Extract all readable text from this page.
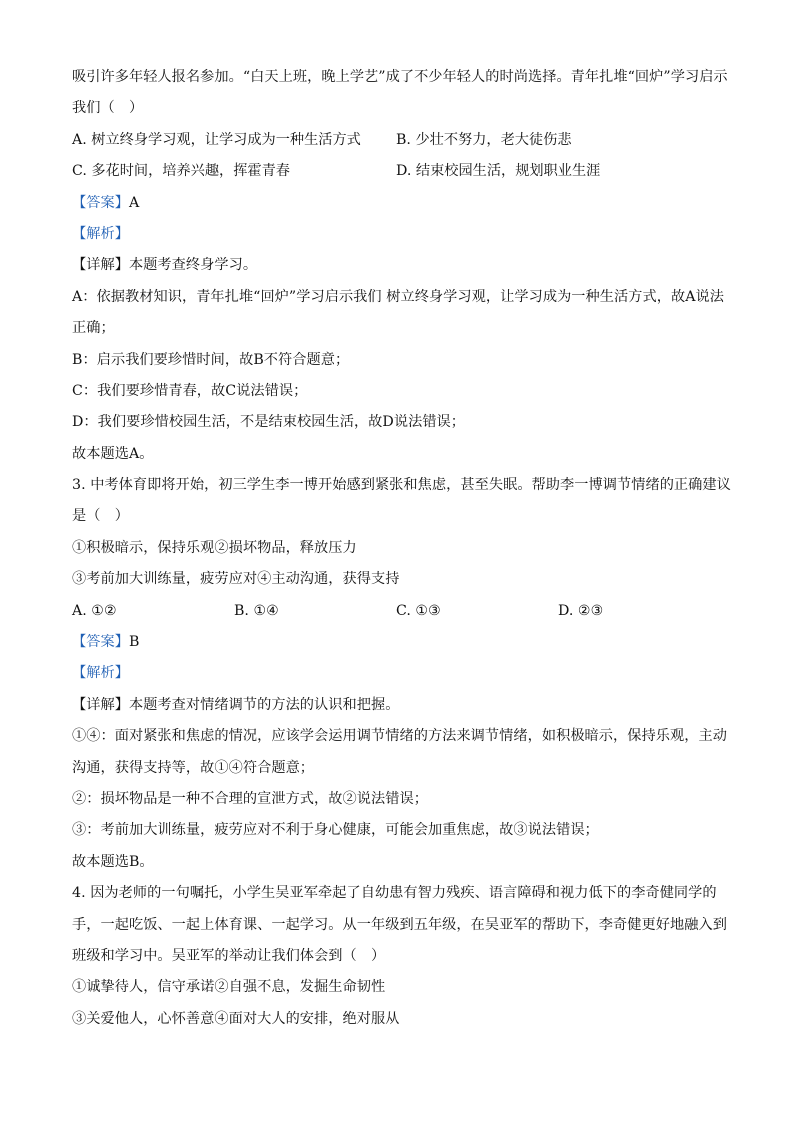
吸引许多年轻人报名参加。“白天上班，晚上学艺”成了不少年轻人的时尚选择。青年扎堆“回炉”学习启示
我们（　）
A. 树立终身学习观，让学习成为一种生活方式 B. 少壮不努力，老大徒伤悲
C. 多花时间，培养兴趣，挥霍青春	D. 结束校园生活，规划职业生涯
【答案】A
【解析】
【详解】本题考查终身学习。
A：依据教材知识，青年扎堆“回炉”学习启示我们 树立终身学习观，让学习成为一种生活方式，故A说法
正确；
B：启示我们要珍惜时间，故B不符合题意；
C：我们要珍惜青春，故C说法错误；
D：我们要珍惜校园生活，不是结束校园生活，故D说法错误；
故本题选A。
3. 中考体育即将开始，初三学生李一博开始感到紧张和焦虑，甚至失眠。帮助李一博调节情绪的正确建议
是（　）
①积极暗示，保持乐观②损坏物品，释放压力
③考前加大训练量，疲劳应对④主动沟通，获得支持
A. ①②	B. ①④	C. ①③	D. ②③
【答案】B
【解析】
【详解】本题考查对情绪调节的方法的认识和把握。
①④：面对紧张和焦虑的情况，应该学会运用调节情绪的方法来调节情绪，如积极暗示，保持乐观，主动
沟通，获得支持等，故①④符合题意；
②：损坏物品是一种不合理的宣泄方式，故②说法错误；
③：考前加大训练量，疲劳应对不利于身心健康，可能会加重焦虑，故③说法错误；
故本题选B。
4. 因为老师的一句嘱托，小学生吴亚军牵起了自幼患有智力残疾、语言障碍和视力低下的李奇健同学的
手，一起吃饭、一起上体育课、一起学习。从一年级到五年级，在吴亚军的帮助下，李奇健更好地融入到
班级和学习中。吴亚军的举动让我们体会到（　）
①诚挚待人，信守承诺②自强不息，发掘生命韧性
③关爱他人，心怀善意④面对大人的安排，绝对服从
